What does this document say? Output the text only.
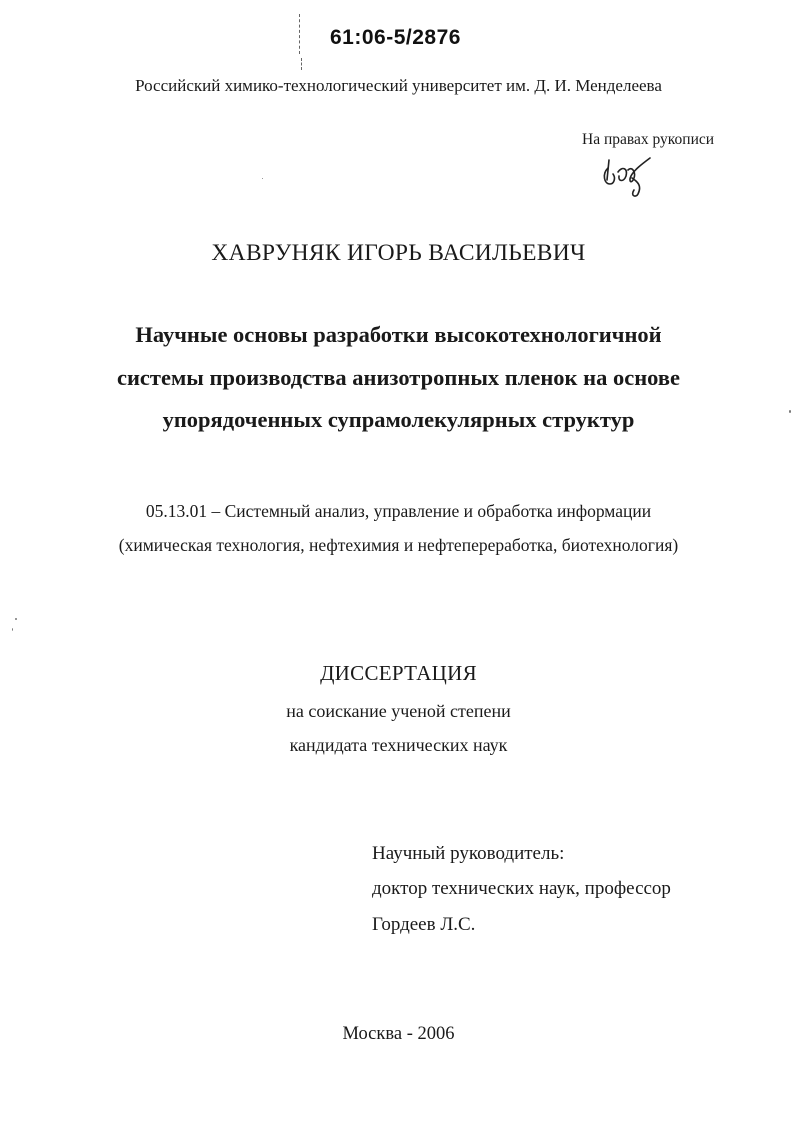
61:06-5/2876
Российский химико-технологический университет им. Д. И. Менделеева
На правах рукописи
ХАВРУНЯК ИГОРЬ ВАСИЛЬЕВИЧ
Научные основы разработки высокотехнологичной
системы производства анизотропных пленок на основе
упорядоченных супрамолекулярных структур
05.13.01 – Системный анализ, управление и обработка информации
(химическая технология, нефтехимия и нефтепереработка, биотехнология)
ДИССЕРТАЦИЯ
на соискание ученой степени
кандидата технических наук
Научный руководитель:
доктор технических наук, профессор
Гордеев Л.С.
Москва - 2006
